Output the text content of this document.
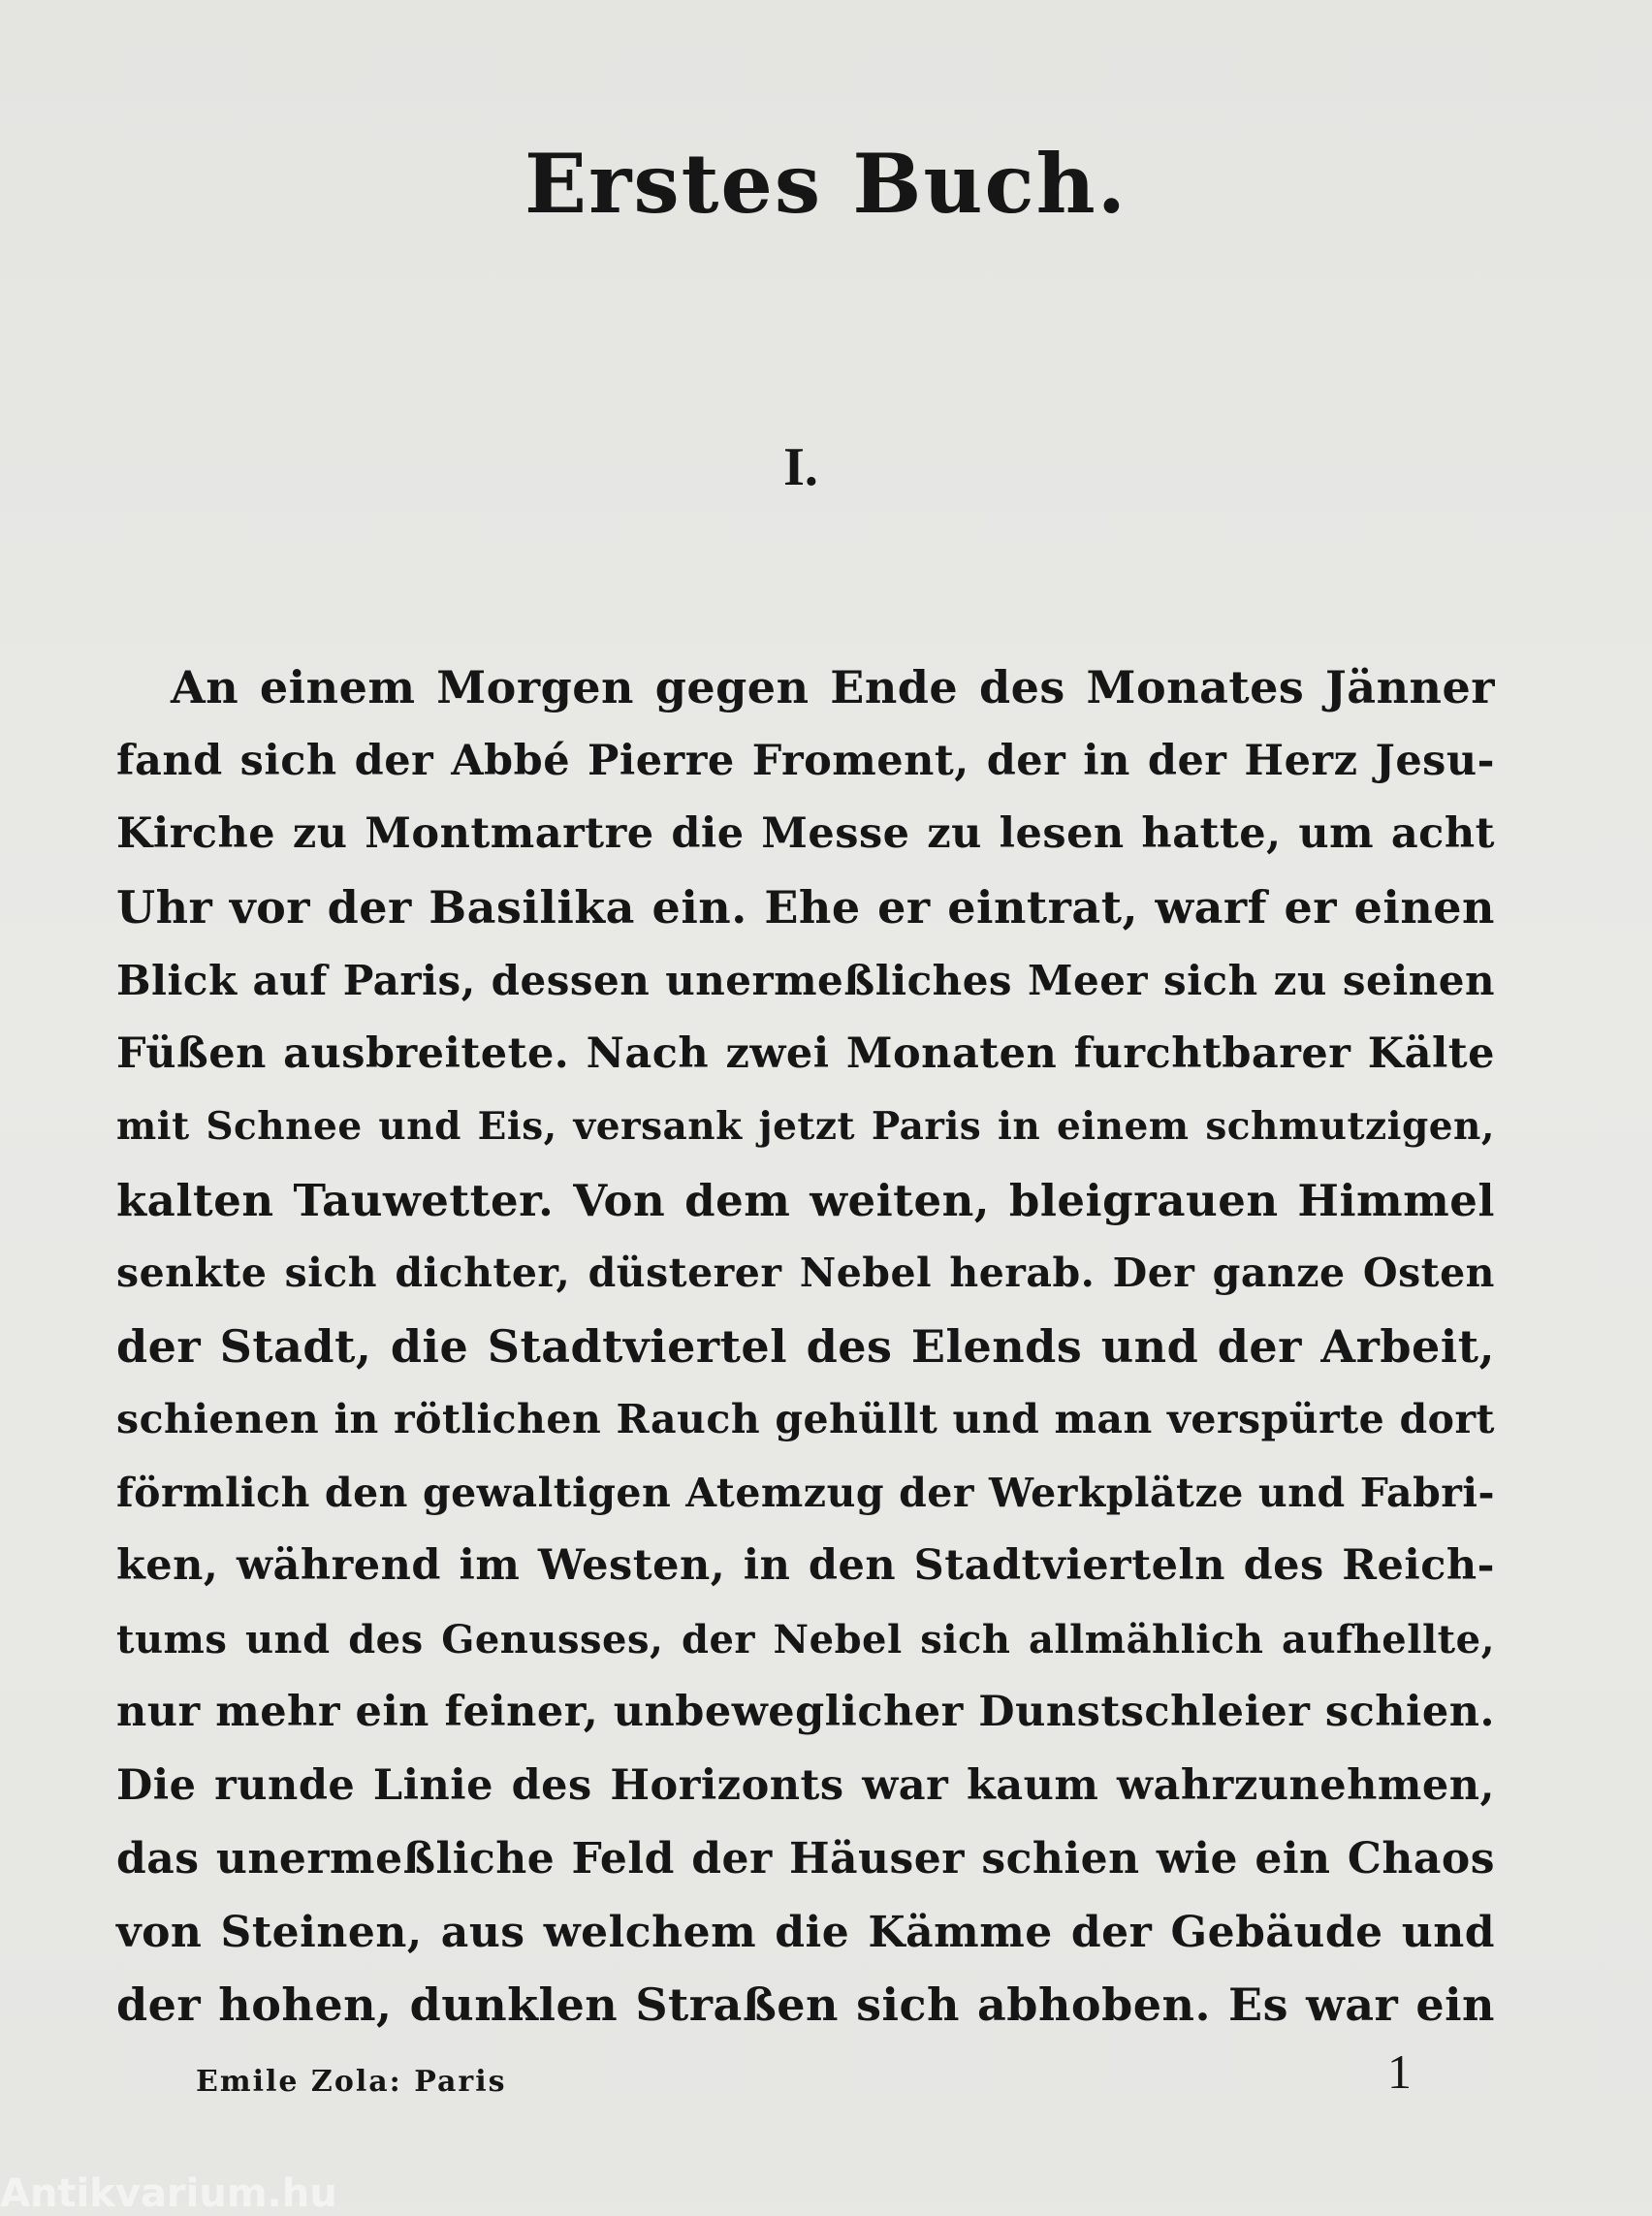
Erstes Buch.
I.
An einem Morgen gegen Ende des Monates Jänner
fand sich der Abbé Pierre Froment, der in der Herz Jesu-
Kirche zu Montmartre die Messe zu lesen hatte, um acht
Uhr vor der Basilika ein. Ehe er eintrat, warf er einen
Blick auf Paris, dessen unermeßliches Meer sich zu seinen
Füßen ausbreitete. Nach zwei Monaten furchtbarer Kälte
mit Schnee und Eis, versank jetzt Paris in einem schmutzigen,
kalten Tauwetter. Von dem weiten, bleigrauen Himmel
senkte sich dichter, düsterer Nebel herab. Der ganze Osten
der Stadt, die Stadtviertel des Elends und der Arbeit,
schienen in rötlichen Rauch gehüllt und man verspürte dort
förmlich den gewaltigen Atemzug der Werkplätze und Fabri-
ken, während im Westen, in den Stadtvierteln des Reich-
tums und des Genusses, der Nebel sich allmählich aufhellte,
nur mehr ein feiner, unbeweglicher Dunstschleier schien.
Die runde Linie des Horizonts war kaum wahrzunehmen,
das unermeßliche Feld der Häuser schien wie ein Chaos
von Steinen, aus welchem die Kämme der Gebäude und
der hohen, dunklen Straßen sich abhoben. Es war ein
Emile Zola: Paris	1
Antikvarium.hu
